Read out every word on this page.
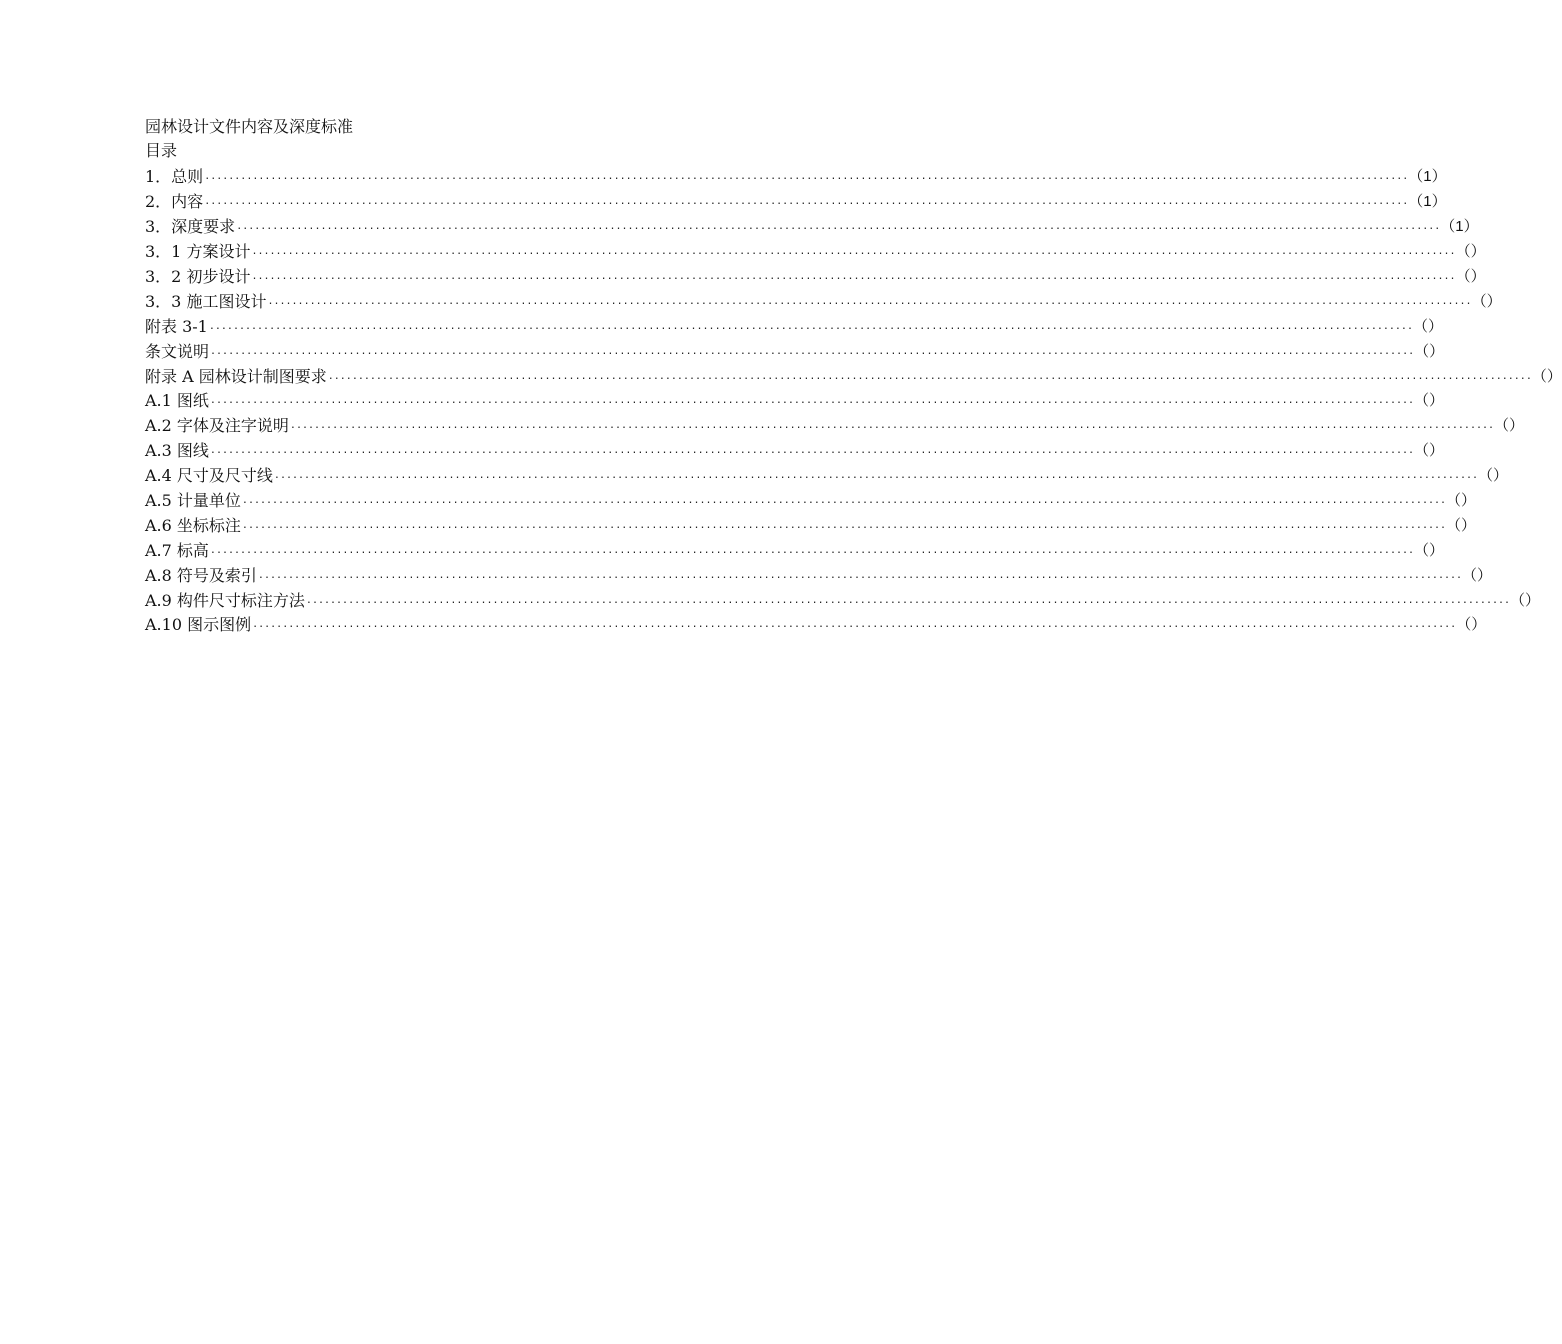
园林设计文件内容及深度标准
目录
1．总则 ........................................................................................................................................................................................................ （1）
2．内容 ........................................................................................................................................................................................................ （1）
3．深度要求 ........................................................................................................................................................................................................ （1）
3．1 方案设计 ........................................................................................................................................................................................................ （）
3．2 初步设计 ........................................................................................................................................................................................................ （）
3．3 施工图设计 ........................................................................................................................................................................................................ （）
附表 3-1 ........................................................................................................................................................................................................ （）
条文说明 ........................................................................................................................................................................................................ （）
附录 A 园林设计制图要求 ........................................................................................................................................................................................................ （）
A.1 图纸 ........................................................................................................................................................................................................ （）
A.2 字体及注字说明 ........................................................................................................................................................................................................ （）
A.3 图线 ........................................................................................................................................................................................................ （）
A.4 尺寸及尺寸线 ........................................................................................................................................................................................................ （）
A.5 计量单位 ........................................................................................................................................................................................................ （）
A.6 坐标标注 ........................................................................................................................................................................................................ （）
A.7 标高 ........................................................................................................................................................................................................ （）
A.8 符号及索引 ........................................................................................................................................................................................................ （）
A.9 构件尺寸标注方法 ........................................................................................................................................................................................................ （）
A.10 图示图例 ........................................................................................................................................................................................................ （）
